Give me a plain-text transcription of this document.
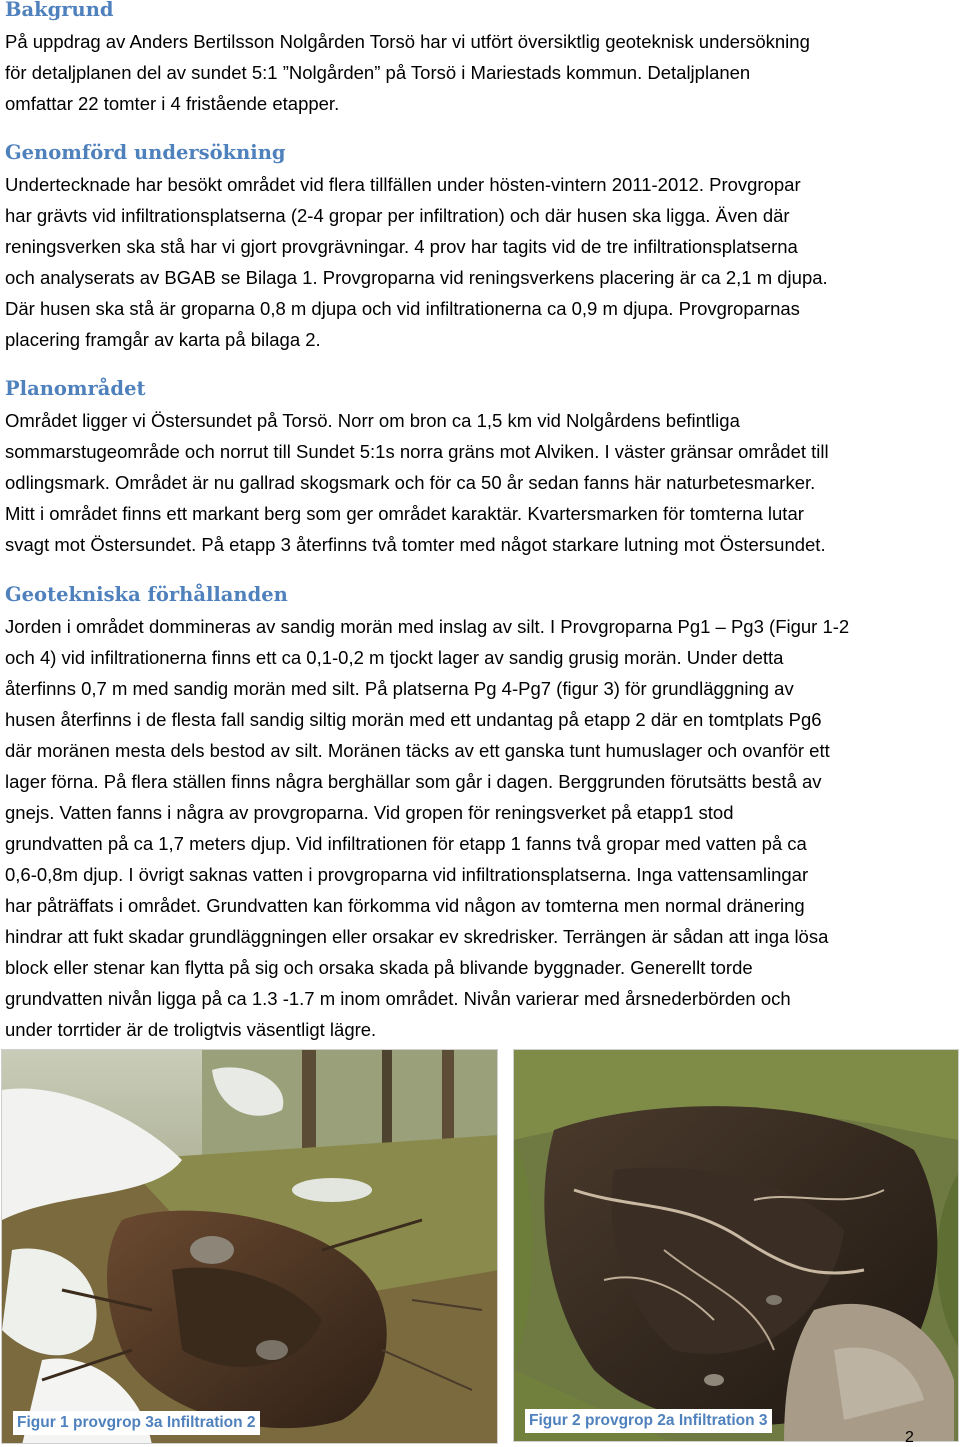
Bakgrund
På uppdrag av Anders Bertilsson Nolgården Torsö har vi utfört översiktlig geoteknisk undersökning
för detaljplanen del av sundet 5:1 ”Nolgården” på Torsö i Mariestads kommun. Detaljplanen
omfattar 22 tomter i 4 fristående etapper.
Genomförd undersökning
Undertecknade har besökt området vid flera tillfällen under hösten-vintern 2011-2012. Provgropar
har grävts vid infiltrationsplatserna (2-4 gropar per infiltration) och där husen ska ligga. Även där
reningsverken ska stå har vi gjort provgrävningar. 4 prov har tagits vid de tre infiltrationsplatserna
och analyserats av BGAB se Bilaga 1. Provgroparna vid reningsverkens placering är ca 2,1 m djupa.
Där husen ska stå är groparna 0,8 m djupa och vid infiltrationerna ca 0,9 m djupa. Provgroparnas
placering framgår av karta på bilaga 2.
Planområdet
Området ligger vi Östersundet på Torsö. Norr om bron ca 1,5 km vid Nolgårdens befintliga
sommarstugeområde och norrut till Sundet 5:1s norra gräns mot Alviken. I väster gränsar området till
odlingsmark. Området är nu gallrad skogsmark och för ca 50 år sedan fanns här naturbetesmarker.
Mitt i området finns ett markant berg som ger området karaktär. Kvartersmarken för tomterna lutar
svagt mot Östersundet. På etapp 3 återfinns två tomter med något starkare lutning mot Östersundet.
Geotekniska förhållanden
Jorden i området dommineras av sandig morän med inslag av silt. I Provgroparna Pg1 – Pg3 (Figur 1-2
och 4) vid infiltrationerna finns ett ca 0,1-0,2 m tjockt lager av sandig grusig morän. Under detta
återfinns 0,7 m med sandig morän med silt. På platserna Pg 4-Pg7 (figur 3) för grundläggning av
husen återfinns i de flesta fall sandig siltig morän med ett undantag på etapp 2 där en tomtplats Pg6
där moränen mesta dels bestod av silt. Moränen täcks av ett ganska tunt humuslager och ovanför ett
lager förna. På flera ställen finns några berghällar som går i dagen. Berggrunden förutsätts bestå av
gnejs. Vatten fanns i några av provgroparna. Vid gropen för reningsverket på etapp1 stod
grundvatten på ca 1,7 meters djup. Vid infiltrationen för etapp 1 fanns två gropar med vatten på ca
0,6-0,8m djup. I övrigt saknas vatten i provgroparna vid infiltrationsplatserna. Inga vattensamlingar
har påträffats i området. Grundvatten kan förkomma vid någon av tomterna men normal dränering
hindrar att fukt skadar grundläggningen eller orsakar ev skredrisker. Terrängen är sådan att inga lösa
block eller stenar kan flytta på sig och orsaka skada på blivande byggnader. Generellt torde
grundvatten nivån ligga på ca 1.3 -1.7 m inom området. Nivån varierar med årsnederbörden och
under torrtider är de troligtvis väsentligt lägre.
Figur 1 provgrop 3a Infiltration 2	Figur 2 provgrop 2a Infiltration 3
2
